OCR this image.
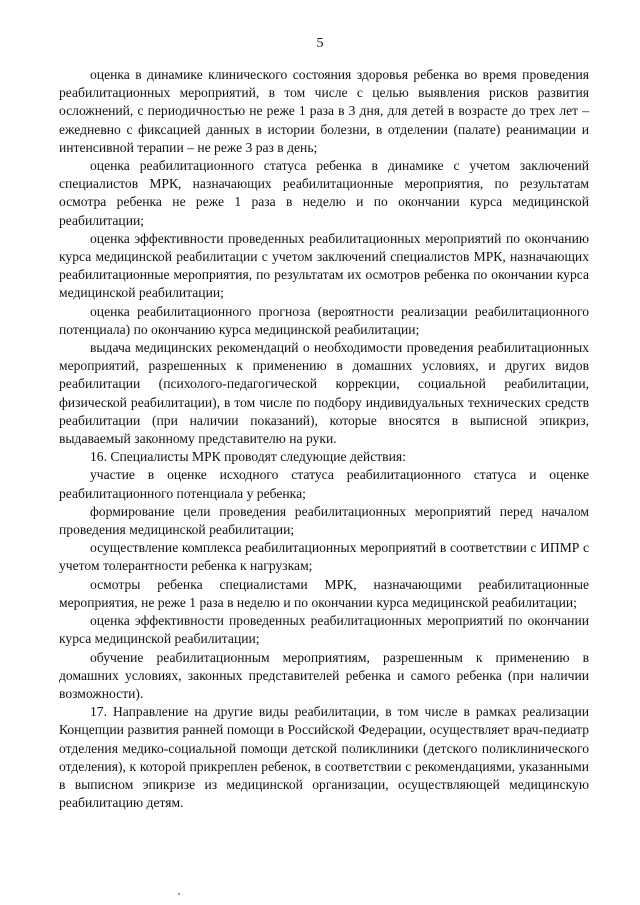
5

оценка в динамике клинического состояния здоровья ребенка во время проведения реабилитационных мероприятий, в том числе с целью выявления рисков развития осложнений, с периодичностью не реже 1 раза в 3 дня, для детей в возрасте до трех лет – ежедневно с фиксацией данных в истории болезни, в отделении (палате) реанимации и интенсивной терапии – не реже 3 раз в день;

оценка реабилитационного статуса ребенка в динамике с учетом заключений специалистов МРК, назначающих реабилитационные мероприятия, по результатам осмотра ребенка не реже 1 раза в неделю и по окончании курса медицинской реабилитации;

оценка эффективности проведенных реабилитационных мероприятий по окончанию курса медицинской реабилитации с учетом заключений специалистов МРК, назначающих реабилитационные мероприятия, по результатам их осмотров ребенка по окончании курса медицинской реабилитации;

оценка реабилитационного прогноза (вероятности реализации реабилитационного потенциала) по окончанию курса медицинской реабилитации;

выдача медицинских рекомендаций о необходимости проведения реабилитационных мероприятий, разрешенных к применению в домашних условиях, и других видов реабилитации (психолого-педагогической коррекции, социальной реабилитации, физической реабилитации), в том числе по подбору индивидуальных технических средств реабилитации (при наличии показаний), которые вносятся в выписной эпикриз, выдаваемый законному представителю на руки.

16. Специалисты МРК проводят следующие действия:

участие в оценке исходного статуса реабилитационного статуса и оценке реабилитационного потенциала у ребенка;

формирование цели проведения реабилитационных мероприятий перед началом проведения медицинской реабилитации;

осуществление комплекса реабилитационных мероприятий в соответствии с ИПМР с учетом толерантности ребенка к нагрузкам;

осмотры ребенка специалистами МРК, назначающими реабилитационные мероприятия, не реже 1 раза в неделю и по окончании курса медицинской реабилитации;

оценка эффективности проведенных реабилитационных мероприятий по окончании курса медицинской реабилитации;

обучение реабилитационным мероприятиям, разрешенным к применению в домашних условиях, законных представителей ребенка и самого ребенка (при наличии возможности).

17. Направление на другие виды реабилитации, в том числе в рамках реализации Концепции развития ранней помощи в Российской Федерации, осуществляет врач-педиатр отделения медико-социальной помощи детской поликлиники (детского поликлинического отделения), к которой прикреплен ребенок, в соответствии с рекомендациями, указанными в выписном эпикризе из медицинской организации, осуществляющей медицинскую реабилитацию детям.
